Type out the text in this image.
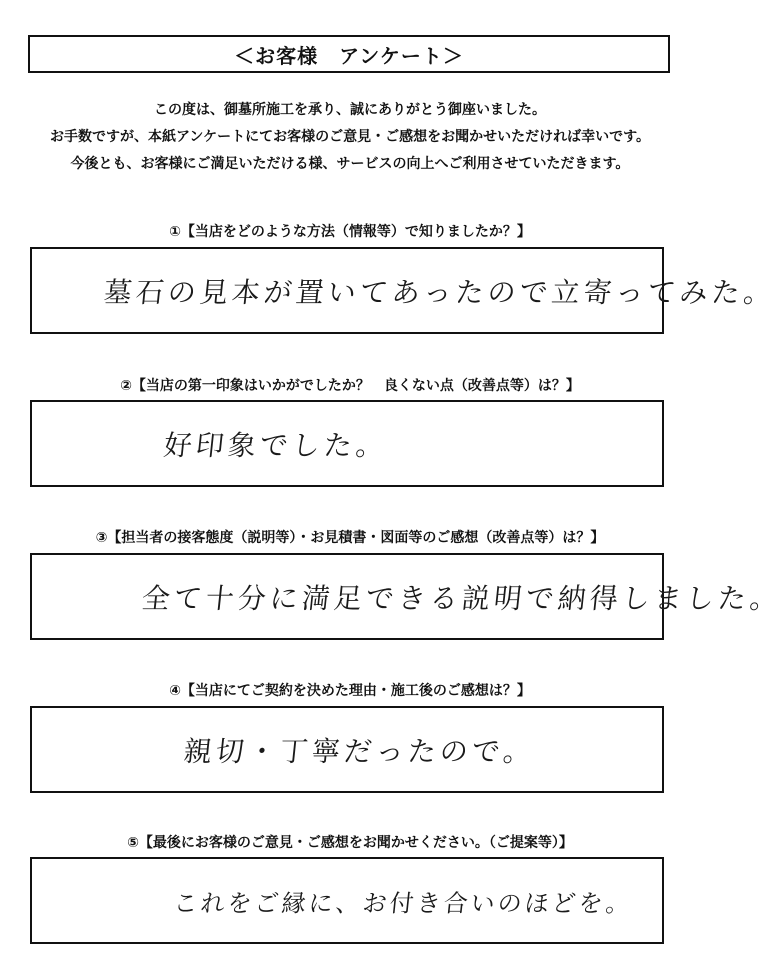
＜お客様　アンケート＞
この度は、御墓所施工を承り、誠にありがとう御座いました。
お手数ですが、本紙アンケートにてお客様のご意見・ご感想をお聞かせいただければ幸いです。
今後とも、お客様にご満足いただける様、サービスの向上へご利用させていただきます。
①【当店をどのような方法（情報等）で知りましたか？】
墓石の見本が置いてあったので立寄ってみた。
②【当店の第一印象はいかがでしたか？　良くない点（改善点等）は？】
好印象でした。
③【担当者の接客態度（説明等）・お見積書・図面等のご感想（改善点等）は？】
全て十分に満足できる説明で納得しました。
④【当店にてご契約を決めた理由・施工後のご感想は？】
親切・丁寧だったので。
⑤【最後にお客様のご意見・ご感想をお聞かせください。（ご提案等）】
これをご縁に、お付き合いのほどを。
